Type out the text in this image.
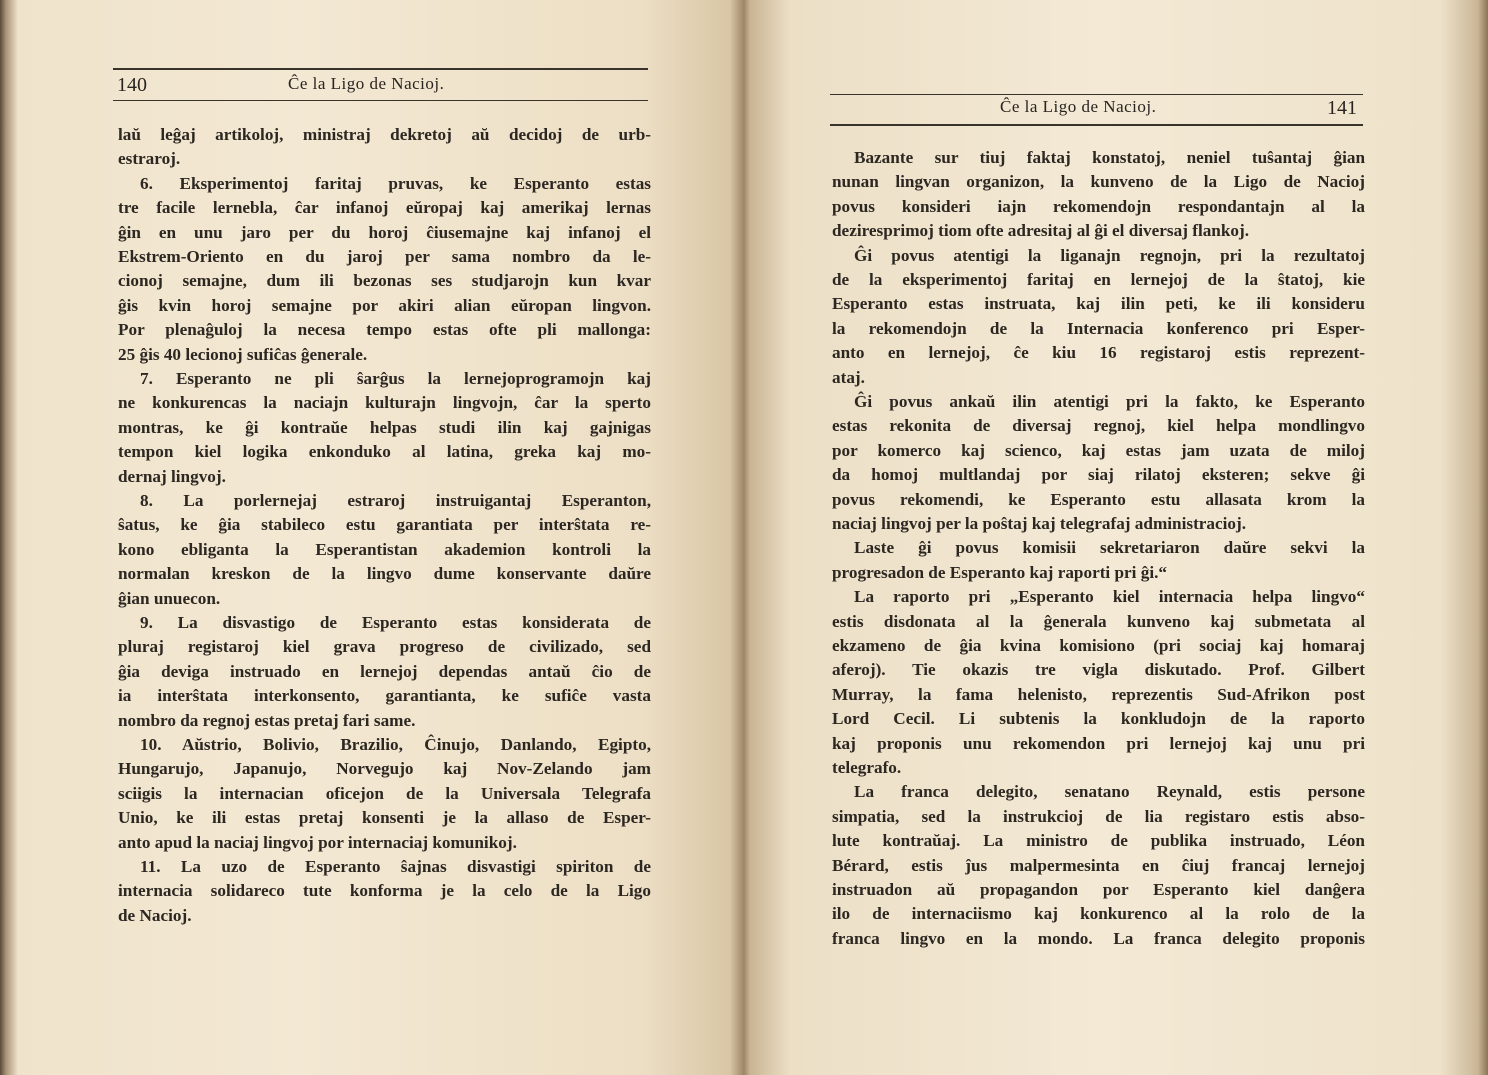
140	Ĉe la Ligo de Nacioj.
laŭ leĝaj artikoloj, ministraj dekretoj aŭ decidoj de urb-
estraroj.
6. Eksperimentoj faritaj pruvas, ke Esperanto estas
tre facile lernebla, ĉar infanoj eŭropaj kaj amerikaj lernas
ĝin en unu jaro per du horoj ĉiusemajne kaj infanoj el
Ekstrem-Oriento en du jaroj per sama nombro da le-
cionoj semajne, dum ili bezonas ses studjarojn kun kvar
ĝis kvin horoj semajne por akiri alian eŭropan lingvon.
Por plenaĝuloj la necesa tempo estas ofte pli mallonga:
25 ĝis 40 lecionoj sufiĉas ĝenerale.
7. Esperanto ne pli ŝarĝus la lernejoprogramojn kaj
ne konkurencas la naciajn kulturajn lingvojn, ĉar la sperto
montras, ke ĝi kontraŭe helpas studi ilin kaj gajnigas
tempon kiel logika enkonduko al latina, greka kaj mo-
dernaj lingvoj.
8. La porlernejaj estraroj instruigantaj Esperanton,
ŝatus, ke ĝia stabileco estu garantiata per interŝtata re-
kono ebliganta la Esperantistan akademion kontroli la
normalan kreskon de la lingvo dume konservante daŭre
ĝian unuecon.
9. La disvastigo de Esperanto estas konsiderata de
pluraj registaroj kiel grava progreso de civilizado, sed
ĝia deviga instruado en lernejoj dependas antaŭ ĉio de
ia interŝtata interkonsento, garantianta, ke sufiĉe vasta
nombro da regnoj estas pretaj fari same.
10. Aŭstrio, Bolivio, Brazilio, Ĉinujo, Danlando, Egipto,
Hungarujo, Japanujo, Norvegujo kaj Nov-Zelando jam
sciigis la internacian oficejon de la Universala Telegrafa
Unio, ke ili estas pretaj konsenti je la allaso de Esper-
anto apud la naciaj lingvoj por internaciaj komunikoj.
11. La uzo de Esperanto ŝajnas disvastigi spiriton de
internacia solidareco tute konforma je la celo de la Ligo
de Nacioj.
Ĉe la Ligo de Nacioj.	141
Bazante sur tiuj faktaj konstatoj, neniel tuŝantaj ĝian
nunan lingvan organizon, la kunveno de la Ligo de Nacioj
povus konsideri iajn rekomendojn respondantajn al la
deziresprimoj tiom ofte adresitaj al ĝi el diversaj flankoj.
Ĝi povus atentigi la liganajn regnojn, pri la rezultatoj
de la eksperimentoj faritaj en lernejoj de la ŝtatoj, kie
Esperanto estas instruata, kaj ilin peti, ke ili konsideru
la rekomendojn de la Internacia konferenco pri Esper-
anto en lernejoj, ĉe kiu 16 registaroj estis reprezent-
ataj.
Ĝi povus ankaŭ ilin atentigi pri la fakto, ke Esperanto
estas rekonita de diversaj regnoj, kiel helpa mondlingvo
por komerco kaj scienco, kaj estas jam uzata de miloj
da homoj multlandaj por siaj rilatoj eksteren; sekve ĝi
povus rekomendi, ke Esperanto estu allasata krom la
naciaj lingvoj per la poŝtaj kaj telegrafaj administracioj.
Laste ĝi povus komisii sekretariaron daŭre sekvi la
progresadon de Esperanto kaj raporti pri ĝi.“
La raporto pri „Esperanto kiel internacia helpa lingvo“
estis disdonata al la ĝenerala kunveno kaj submetata al
ekzameno de ĝia kvina komisiono (pri sociaj kaj homaraj
aferoj). Tie okazis tre vigla diskutado. Prof. Gilbert
Murray, la fama helenisto, reprezentis Sud-Afrikon post
Lord Cecil. Li subtenis la konkludojn de la raporto
kaj proponis unu rekomendon pri lernejoj kaj unu pri
telegrafo.
La franca delegito, senatano Reynald, estis persone
simpatia, sed la instrukcioj de lia registaro estis abso-
lute kontraŭaj. La ministro de publika instruado, Léon
Bérard, estis ĵus malpermesinta en ĉiuj francaj lernejoj
instruadon aŭ propagandon por Esperanto kiel danĝera
ilo de internaciismo kaj konkurenco al la rolo de la
franca lingvo en la mondo. La franca delegito proponis
